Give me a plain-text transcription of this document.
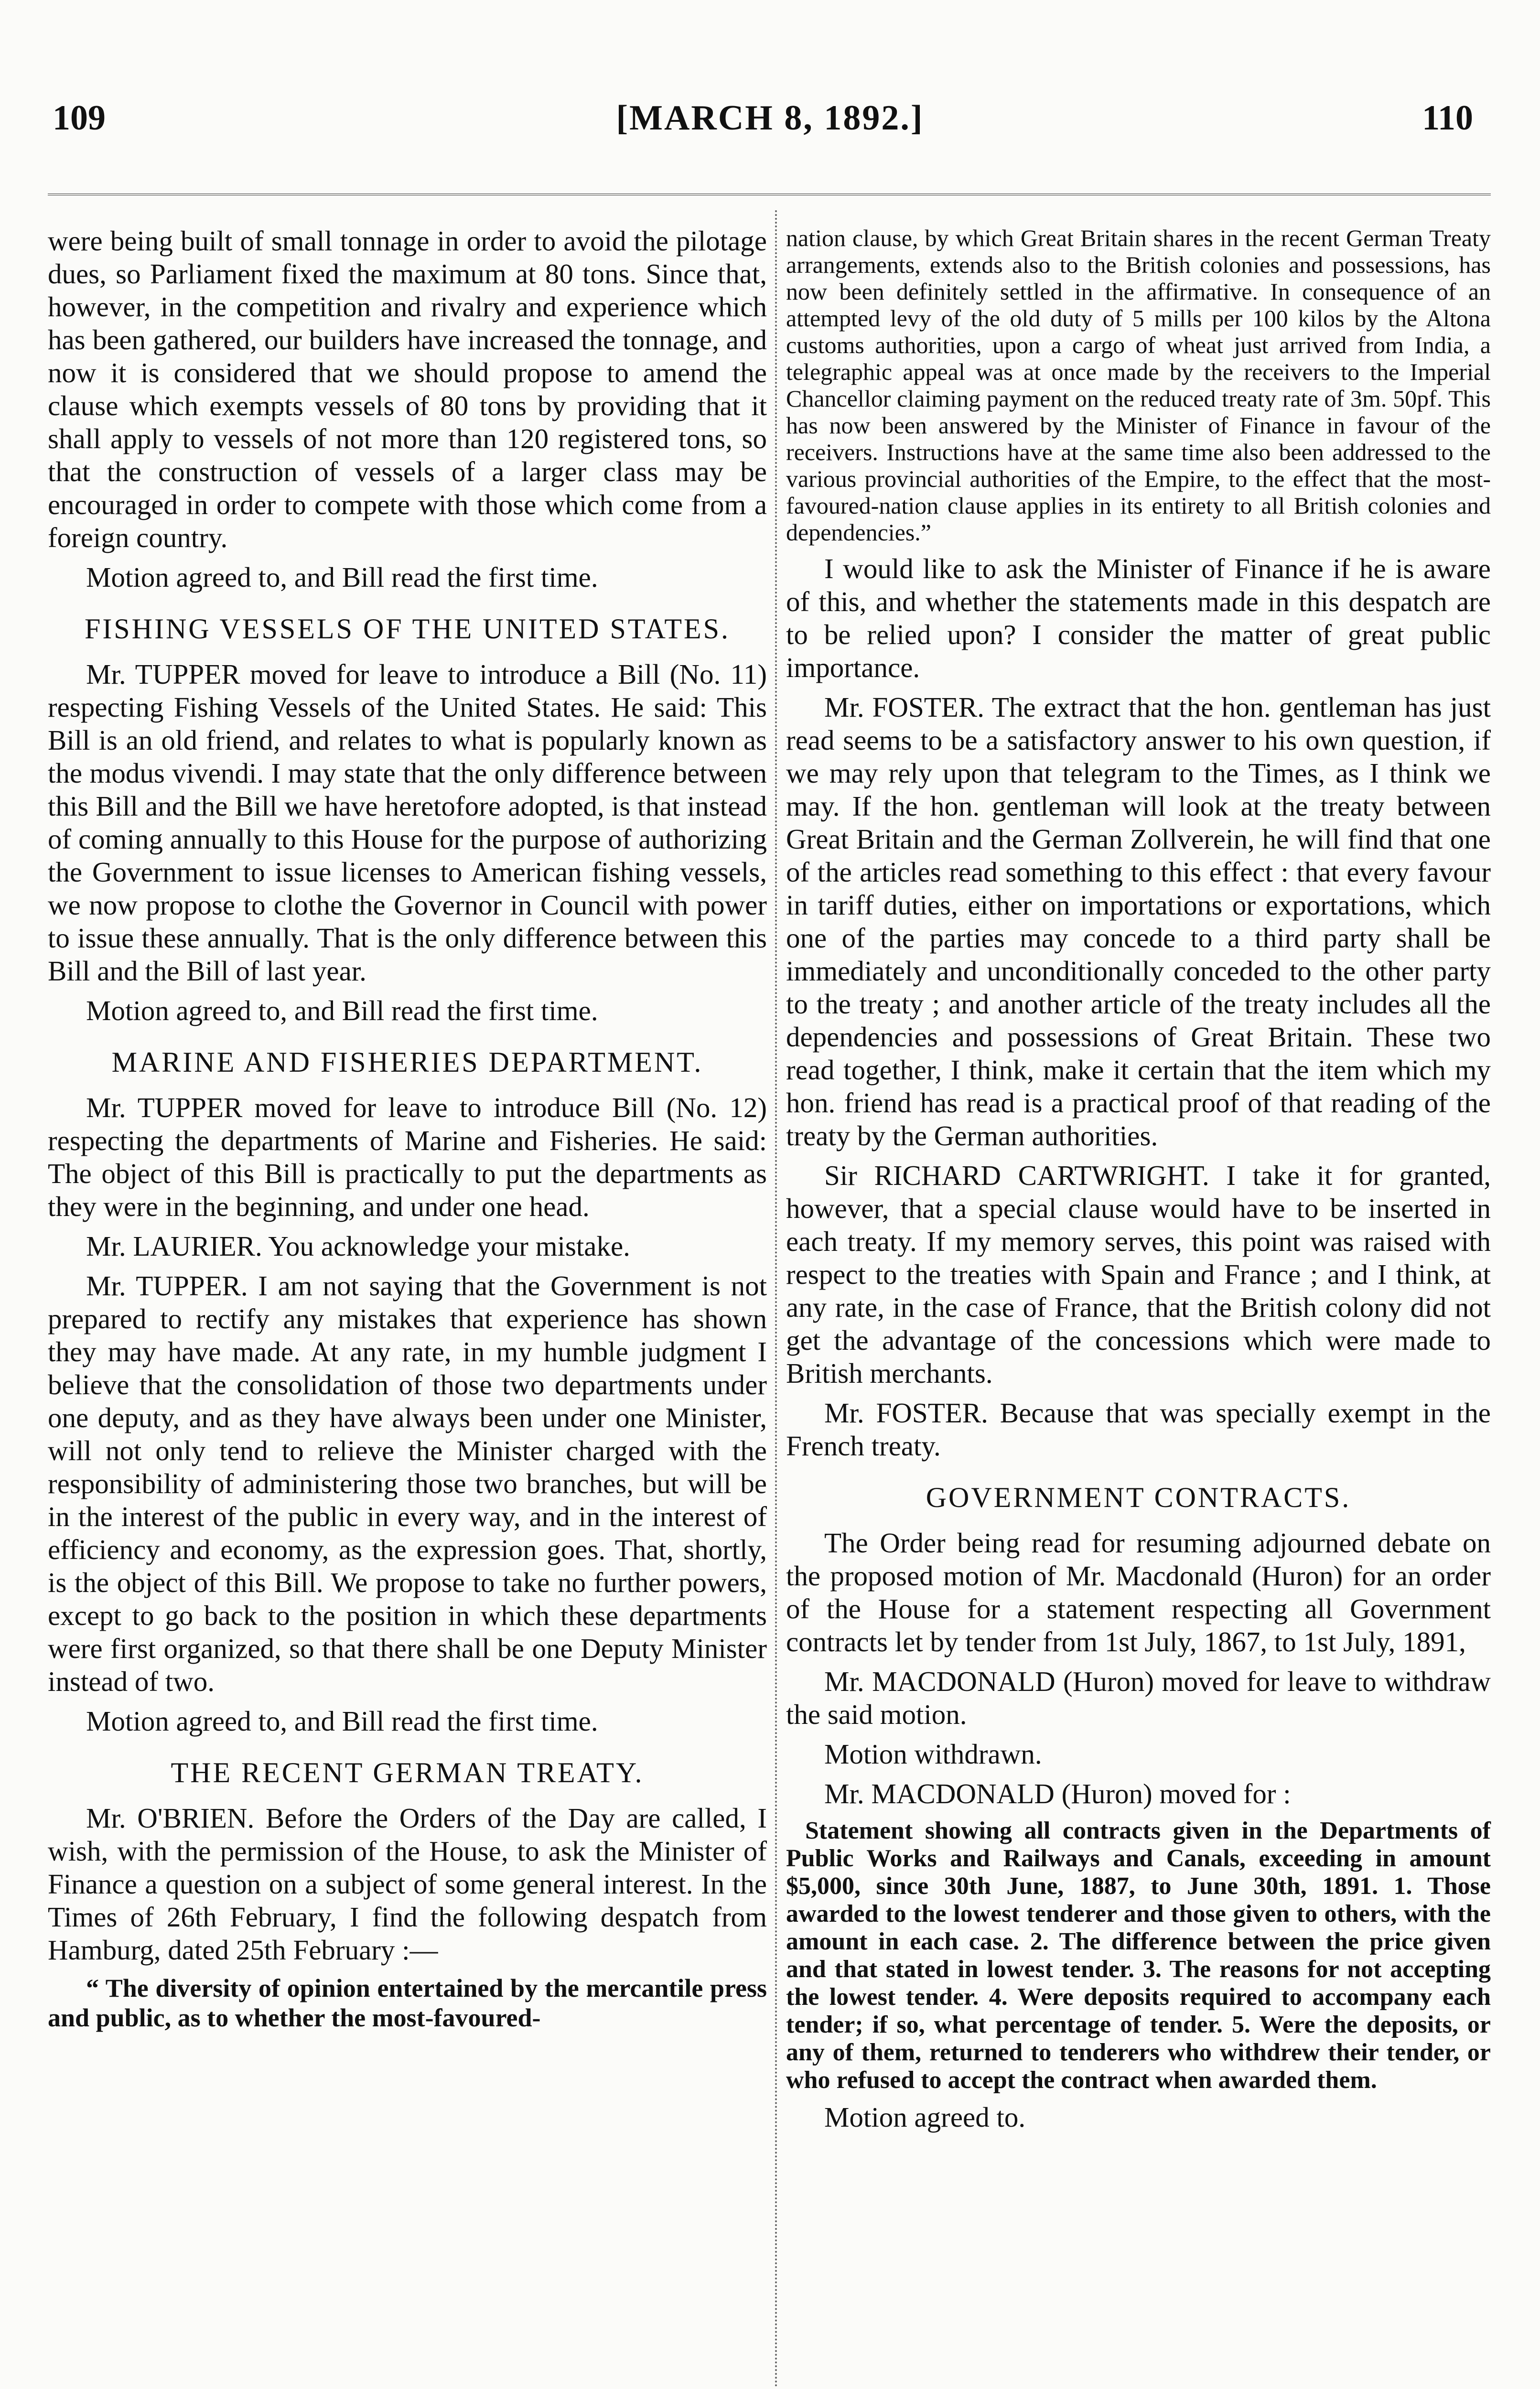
[MARCH 8, 1892.]
109	110

were being built of small tonnage in order to avoid the pilotage dues, so Parliament fixed the maximum at 80 tons. Since that, however, in the competition and rivalry and experience which has been gathered, our builders have increased the tonnage, and now it is considered that we should propose to amend the clause which exempts vessels of 80 tons by providing that it shall apply to vessels of not more than 120 registered tons, so that the construction of vessels of a larger class may be encouraged in order to compete with those which come from a foreign country.

Motion agreed to, and Bill read the first time.

FISHING VESSELS OF THE UNITED STATES.

Mr. TUPPER moved for leave to introduce a Bill (No. 11) respecting Fishing Vessels of the United States. He said: This Bill is an old friend, and relates to what is popularly known as the modus vivendi. I may state that the only difference between this Bill and the Bill we have heretofore adopted, is that instead of coming annually to this House for the purpose of authorizing the Government to issue licenses to American fishing vessels, we now propose to clothe the Governor in Council with power to issue these annually. That is the only difference between this Bill and the Bill of last year.

Motion agreed to, and Bill read the first time.

MARINE AND FISHERIES DEPARTMENT.

Mr. TUPPER moved for leave to introduce Bill (No. 12) respecting the departments of Marine and Fisheries. He said: The object of this Bill is practically to put the departments as they were in the beginning, and under one head.

Mr. LAURIER. You acknowledge your mistake.

Mr. TUPPER. I am not saying that the Government is not prepared to rectify any mistakes that experience has shown they may have made. At any rate, in my humble judgment I believe that the consolidation of those two departments under one deputy, and as they have always been under one Minister, will not only tend to relieve the Minister charged with the responsibility of administering those two branches, but will be in the interest of the public in every way, and in the interest of efficiency and economy, as the expression goes. That, shortly, is the object of this Bill. We propose to take no further powers, except to go back to the position in which these departments were first organized, so that there shall be one Deputy Minister instead of two.

Motion agreed to, and Bill read the first time.

THE RECENT GERMAN TREATY.

Mr. O'BRIEN. Before the Orders of the Day are called, I wish, with the permission of the House, to ask the Minister of Finance a question on a subject of some general interest. In the Times of 26th February, I find the following despatch from Hamburg, dated 25th February :—

“ The diversity of opinion entertained by the mercantile press and public, as to whether the most-favoured-

nation clause, by which Great Britain shares in the recent German Treaty arrangements, extends also to the British colonies and possessions, has now been definitely settled in the affirmative. In consequence of an attempted levy of the old duty of 5 mills per 100 kilos by the Altona customs authorities, upon a cargo of wheat just arrived from India, a telegraphic appeal was at once made by the receivers to the Imperial Chancellor claiming payment on the reduced treaty rate of 3m. 50pf. This has now been answered by the Minister of Finance in favour of the receivers. Instructions have at the same time also been addressed to the various provincial authorities of the Empire, to the effect that the most-favoured-nation clause applies in its entirety to all British colonies and dependencies.”

I would like to ask the Minister of Finance if he is aware of this, and whether the statements made in this despatch are to be relied upon? I consider the matter of great public importance.

Mr. FOSTER. The extract that the hon. gentleman has just read seems to be a satisfactory answer to his own question, if we may rely upon that telegram to the Times, as I think we may. If the hon. gentleman will look at the treaty between Great Britain and the German Zollverein, he will find that one of the articles read something to this effect : that every favour in tariff duties, either on importations or exportations, which one of the parties may concede to a third party shall be immediately and unconditionally conceded to the other party to the treaty ; and another article of the treaty includes all the dependencies and possessions of Great Britain. These two read together, I think, make it certain that the item which my hon. friend has read is a practical proof of that reading of the treaty by the German authorities.

Sir RICHARD CARTWRIGHT. I take it for granted, however, that a special clause would have to be inserted in each treaty. If my memory serves, this point was raised with respect to the treaties with Spain and France ; and I think, at any rate, in the case of France, that the British colony did not get the advantage of the concessions which were made to British merchants.

Mr. FOSTER. Because that was specially exempt in the French treaty.

GOVERNMENT CONTRACTS.

The Order being read for resuming adjourned debate on the proposed motion of Mr. Macdonald (Huron) for an order of the House for a statement respecting all Government contracts let by tender from 1st July, 1867, to 1st July, 1891,

Mr. MACDONALD (Huron) moved for leave to withdraw the said motion.

Motion withdrawn.

Mr. MACDONALD (Huron) moved for :

Statement showing all contracts given in the Departments of Public Works and Railways and Canals, exceeding in amount $5,000, since 30th June, 1887, to June 30th, 1891. 1. Those awarded to the lowest tenderer and those given to others, with the amount in each case. 2. The difference between the price given and that stated in lowest tender. 3. The reasons for not accepting the lowest tender. 4. Were deposits required to accompany each tender; if so, what percentage of tender. 5. Were the deposits, or any of them, returned to tenderers who withdrew their tender, or who refused to accept the contract when awarded them.

Motion agreed to.
